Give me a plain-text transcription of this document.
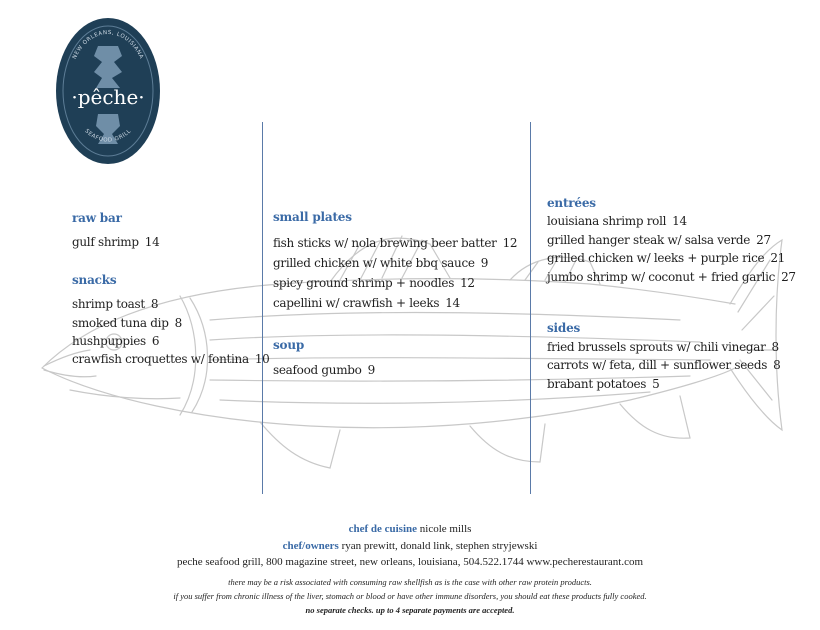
NEW ORLEANS, LOUISIANA
SEAFOOD GRILL
·pêche·
raw bar
gulf shrimp 14
snacks
shrimp toast 8
smoked tuna dip 8
hushpuppies 6
crawfish croquettes w/ fontina 10
small plates
fish sticks w/ nola brewing beer batter 12
grilled chicken w/ white bbq sauce 9
spicy ground shrimp + noodles 12
capellini w/ crawfish + leeks 14
soup
seafood gumbo 9
entrées
louisiana shrimp roll 14
grilled hanger steak w/ salsa verde 27
grilled chicken w/ leeks + purple rice 21
jumbo shrimp w/ coconut + fried garlic 27
sides
fried brussels sprouts w/ chili vinegar 8
carrots w/ feta, dill + sunflower seeds 8
brabant potatoes 5
chef de cuisine nicole mills
chef/owners ryan prewitt, donald link, stephen stryjewski
peche seafood grill, 800 magazine street, new orleans, louisiana, 504.522.1744 www.pecherestaurant.com
there may be a risk associated with consuming raw shellfish as is the case with other raw protein products.
if you suffer from chronic illness of the liver, stomach or blood or have other immune disorders, you should eat these products fully cooked.
no separate checks. up to 4 separate payments are accepted.
